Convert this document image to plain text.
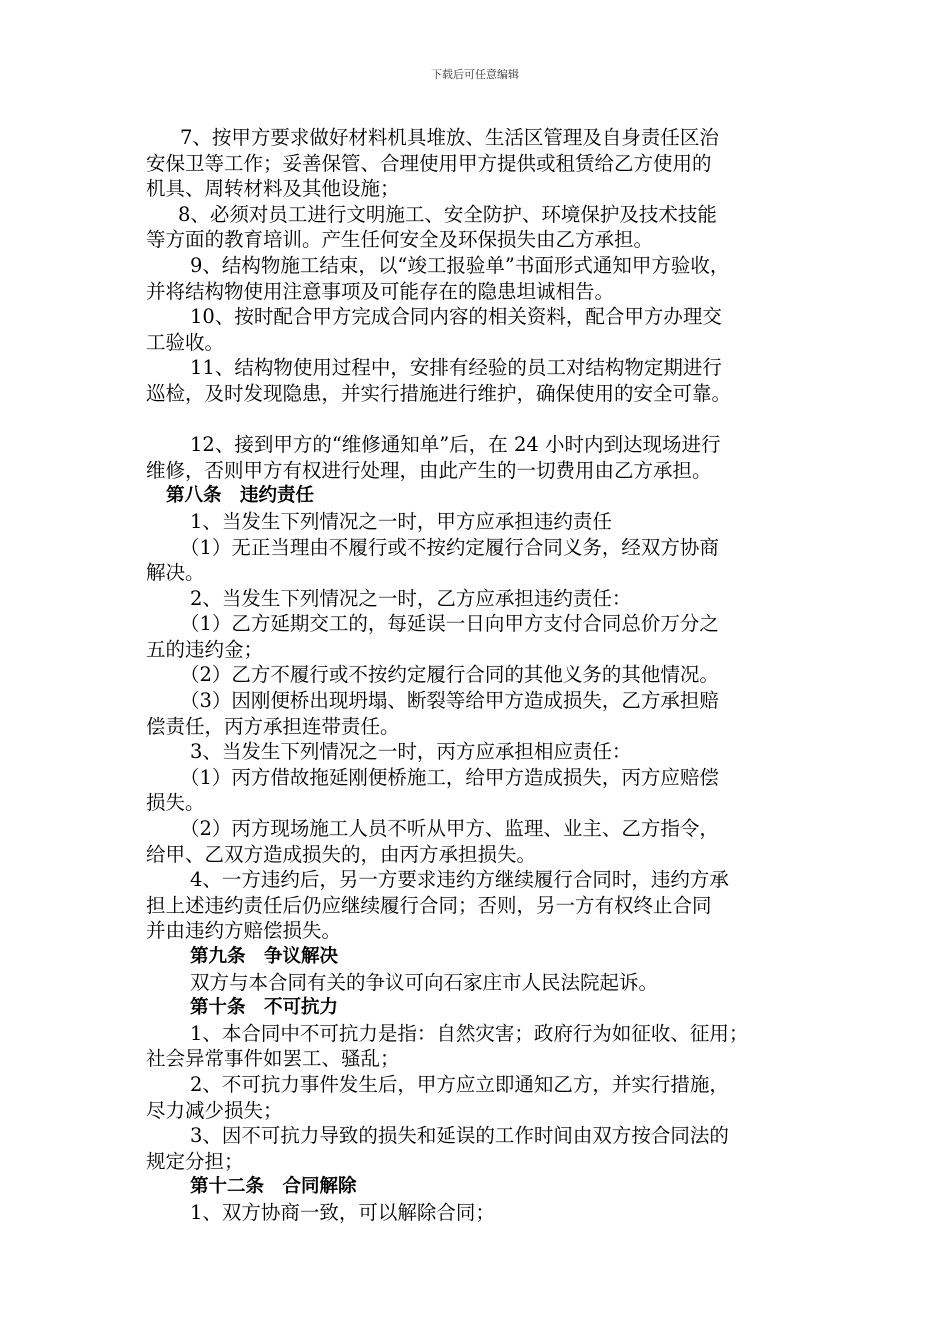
下载后可任意编辑
7、按甲方要求做好材料机具堆放、生活区管理及自身责任区治
安保卫等工作；妥善保管、合理使用甲方提供或租赁给乙方使用的
机具、周转材料及其他设施；
8、必须对员工进行文明施工、安全防护、环境保护及技术技能
等方面的教育培训。产生任何安全及环保损失由乙方承担。
9、结构物施工结束，以“竣工报验单”书面形式通知甲方验收，
并将结构物使用注意事项及可能存在的隐患坦诚相告。
10、按时配合甲方完成合同内容的相关资料，配合甲方办理交
工验收。
11、结构物使用过程中，安排有经验的员工对结构物定期进行
巡检，及时发现隐患，并实行措施进行维护，确保使用的安全可靠。
12、接到甲方的“维修通知单”后，在 24 小时内到达现场进行
维修，否则甲方有权进行处理，由此产生的一切费用由乙方承担。
第八条　违约责任
1、当发生下列情况之一时，甲方应承担违约责任
（1）无正当理由不履行或不按约定履行合同义务，经双方协商
解决。
2、当发生下列情况之一时，乙方应承担违约责任：
（1）乙方延期交工的，每延误一日向甲方支付合同总价万分之
五的违约金；
（2）乙方不履行或不按约定履行合同的其他义务的其他情况。
（3）因刚便桥出现坍塌、断裂等给甲方造成损失，乙方承担赔
偿责任，丙方承担连带责任。
3、当发生下列情况之一时，丙方应承担相应责任：
（1）丙方借故拖延刚便桥施工，给甲方造成损失，丙方应赔偿
损失。
（2）丙方现场施工人员不听从甲方、监理、业主、乙方指令，
给甲、乙双方造成损失的，由丙方承担损失。
4、一方违约后，另一方要求违约方继续履行合同时，违约方承
担上述违约责任后仍应继续履行合同；否则，另一方有权终止合同
并由违约方赔偿损失。
第九条　争议解决
双方与本合同有关的争议可向石家庄市人民法院起诉。
第十条　不可抗力
1、本合同中不可抗力是指：自然灾害；政府行为如征收、征用；
社会异常事件如罢工、骚乱；
2、不可抗力事件发生后，甲方应立即通知乙方，并实行措施，
尽力减少损失；
3、因不可抗力导致的损失和延误的工作时间由双方按合同法的
规定分担；
第十二条　合同解除
1、双方协商一致，可以解除合同；
